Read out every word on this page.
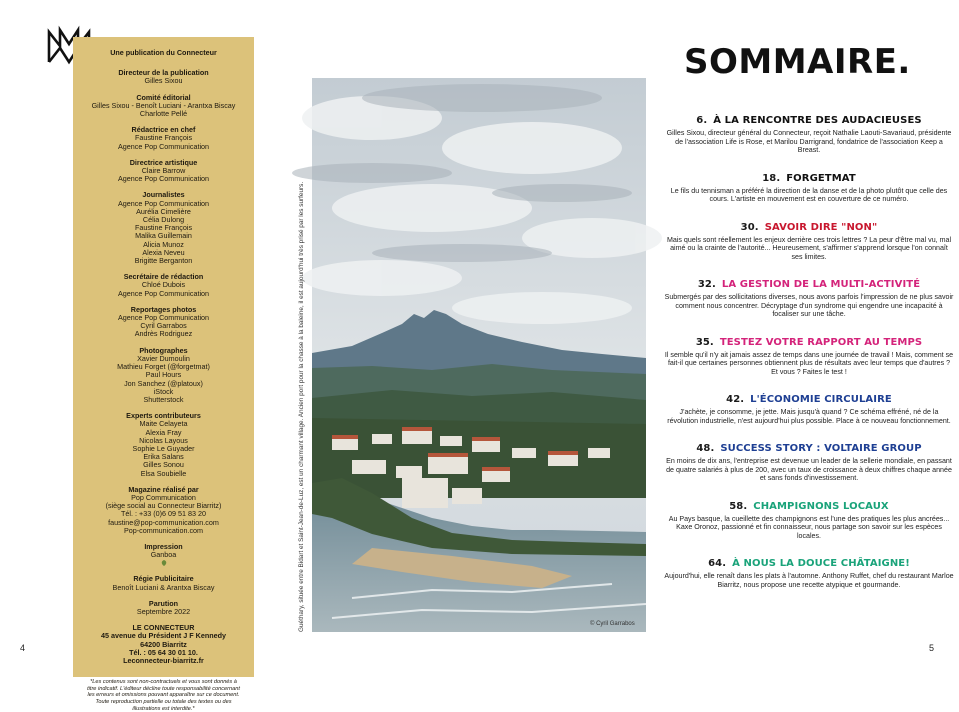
4	5
Une publication du Connecteur
Directeur de la publication
Gilles Sixou
Comité éditorial
Gilles Sixou - Benoît Luciani - Arantxa Biscay
Charlotte Pellé
Rédactrice en chef
Faustine François
Agence Pop Communication
Directrice artistique
Claire Barrow
Agence Pop Communication
Journalistes
Agence Pop Communication
Aurélia Cimelière
Célia Dulong
Faustine François
Malika Guillemain
Alicia Munoz
Alexia Neveu
Brigitte Berganton
Secrétaire de rédaction
Chloé Dubois
Agence Pop Communication
Reportages photos
Agence Pop Communication
Cyril Garrabos
Andrès Rodriguez
Photographes
Xavier Dumoulin
Mathieu Forget (@forgetmat)
Paul Hours
Jon Sanchez (@platoux)
iStock
Shutterstock
Experts contributeurs
Maite Celayeta
Alexia Fray
Nicolas Layous
Sophie Le Guyader
Erika Salans
Gilles Sonou
Elsa Soubielle
Magazine réalisé par
Pop Communication
(siège social au Connecteur Biarritz)
Tél. : +33 (0)6 09 51 83 20
faustine@pop-communication.com
Pop-communication.com
Impression
Ganboa
Régie Publicitaire
Benoît Luciani & Arantxa Biscay
Parution
Septembre 2022
LE CONNECTEUR
45 avenue du Président J F Kennedy
64200 Biarritz
Tél. : 05 64 30 01 10.
Leconnecteur-biarritz.fr
*Les contenus sont non-contractuels et vous sont donnés à titre indicatif. L'éditeur décline toute responsabilité concernant les erreurs et omissions pouvant apparaître sur ce document. Toute reproduction partielle ou totale des textes ou des illustrations est interdite.*
Guéthary, située entre Bidart et Saint-Jean-de-Luz, est un charmant village. Ancien port pour la chasse à la baleine, il est aujourd'hui très prisé par les surfeurs.	© Cyril Garrabos
SOMMAIRE.
6. À LA RENCONTRE DES AUDACIEUSES
Gilles Sixou, directeur général du Connecteur, reçoit Nathalie Laouti-Savariaud, présidente de l'association Life is Rose, et Marilou Darrigrand, fondatrice de l'association Keep a Breast.
18. FORGETMAT
Le fils du tennisman a préféré la direction de la danse et de la photo plutôt que celle des cours. L'artiste en mouvement est en couverture de ce numéro.
30. SAVOIR DIRE "NON"
Mais quels sont réellement les enjeux derrière ces trois lettres ? La peur d'être mal vu, mal aimé ou la crainte de l'autorité... Heureusement, s'affirmer s'apprend lorsque l'on connaît ses limites.
32. LA GESTION DE LA MULTI-ACTIVITÉ
Submergés par des sollicitations diverses, nous avons parfois l'impression de ne plus savoir comment nous concentrer. Décryptage d'un syndrome qui engendre une incapacité à focaliser sur une tâche.
35. TESTEZ VOTRE RAPPORT AU TEMPS
Il semble qu'il n'y ait jamais assez de temps dans une journée de travail ! Mais, comment se fait-il que certaines personnes obtiennent plus de résultats avec leur temps que d'autres ? Et vous ? Faites le test !
42. L'ÉCONOMIE CIRCULAIRE
J'achète, je consomme, je jette. Mais jusqu'à quand ? Ce schéma effréné, né de la révolution industrielle, n'est aujourd'hui plus possible. Place à ce nouveau fonctionnement.
48. SUCCESS STORY : VOLTAIRE GROUP
En moins de dix ans, l'entreprise est devenue un leader de la sellerie mondiale, en passant de quatre salariés à plus de 200, avec un taux de croissance à deux chiffres chaque année et sans fonds d'investissement.
58. CHAMPIGNONS LOCAUX
Au Pays basque, la cueillette des champignons est l'une des pratiques les plus ancrées... Kaxe Oronoz, passionné et fin connaisseur, nous partage son savoir sur les espèces locales.
64. À NOUS LA DOUCE CHÂTAIGNE!
Aujourd'hui, elle renaît dans les plats à l'automne. Anthony Ruffet, chef du restaurant Marloe Biarritz, nous propose une recette atypique et gourmande.
